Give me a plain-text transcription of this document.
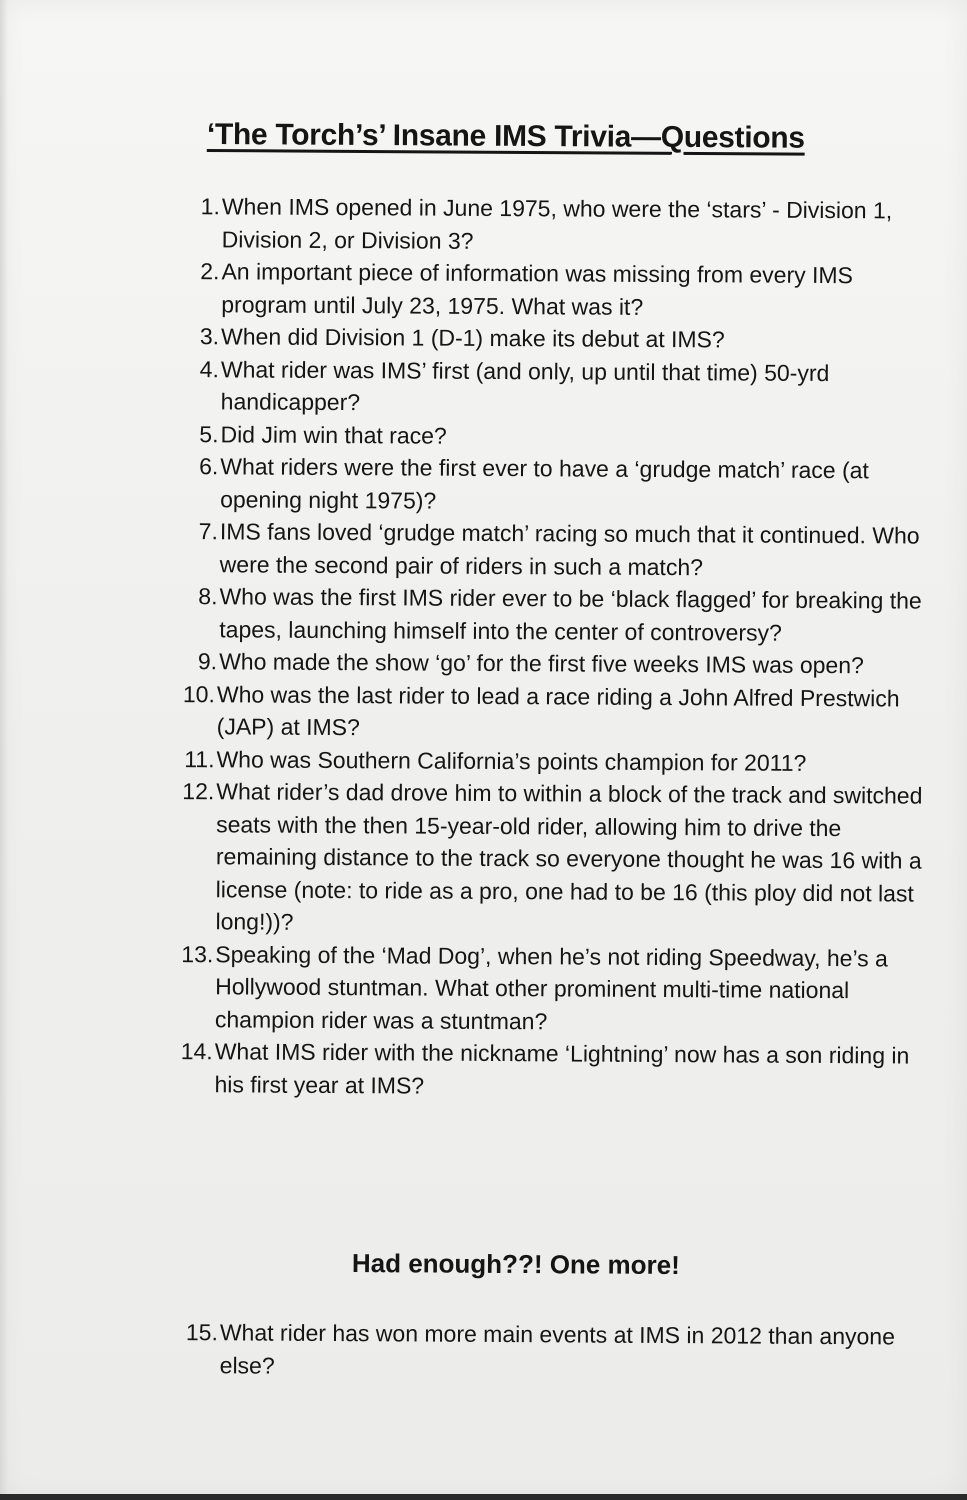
‘The Torch’s’ Insane IMS Trivia—Questions
1. When IMS opened in June 1975, who were the ‘stars’ - Division 1, Division 2, or Division 3?
2. An important piece of information was missing from every IMS program until July 23, 1975. What was it?
3. When did Division 1 (D-1) make its debut at IMS?
4. What rider was IMS’ first (and only, up until that time) 50-yrd handicapper?
5. Did Jim win that race?
6. What riders were the first ever to have a ‘grudge match’ race (at opening night 1975)?
7. IMS fans loved ‘grudge match’ racing so much that it continued. Who were the second pair of riders in such a match?
8. Who was the first IMS rider ever to be ‘black flagged’ for breaking the tapes, launching himself into the center of controversy?
9. Who made the show ‘go’ for the first five weeks IMS was open?
10. Who was the last rider to lead a race riding a John Alfred Prestwich (JAP) at IMS?
11. Who was Southern California’s points champion for 2011?
12. What rider’s dad drove him to within a block of the track and switched seats with the then 15-year-old rider, allowing him to drive the remaining distance to the track so everyone thought he was 16 with a license (note: to ride as a pro, one had to be 16 (this ploy did not last long!))?
13. Speaking of the ‘Mad Dog’, when he’s not riding Speedway, he’s a Hollywood stuntman. What other prominent multi-time national champion rider was a stuntman?
14. What IMS rider with the nickname ‘Lightning’ now has a son riding in his first year at IMS?
Had enough??! One more!
15. What rider has won more main events at IMS in 2012 than anyone else?
